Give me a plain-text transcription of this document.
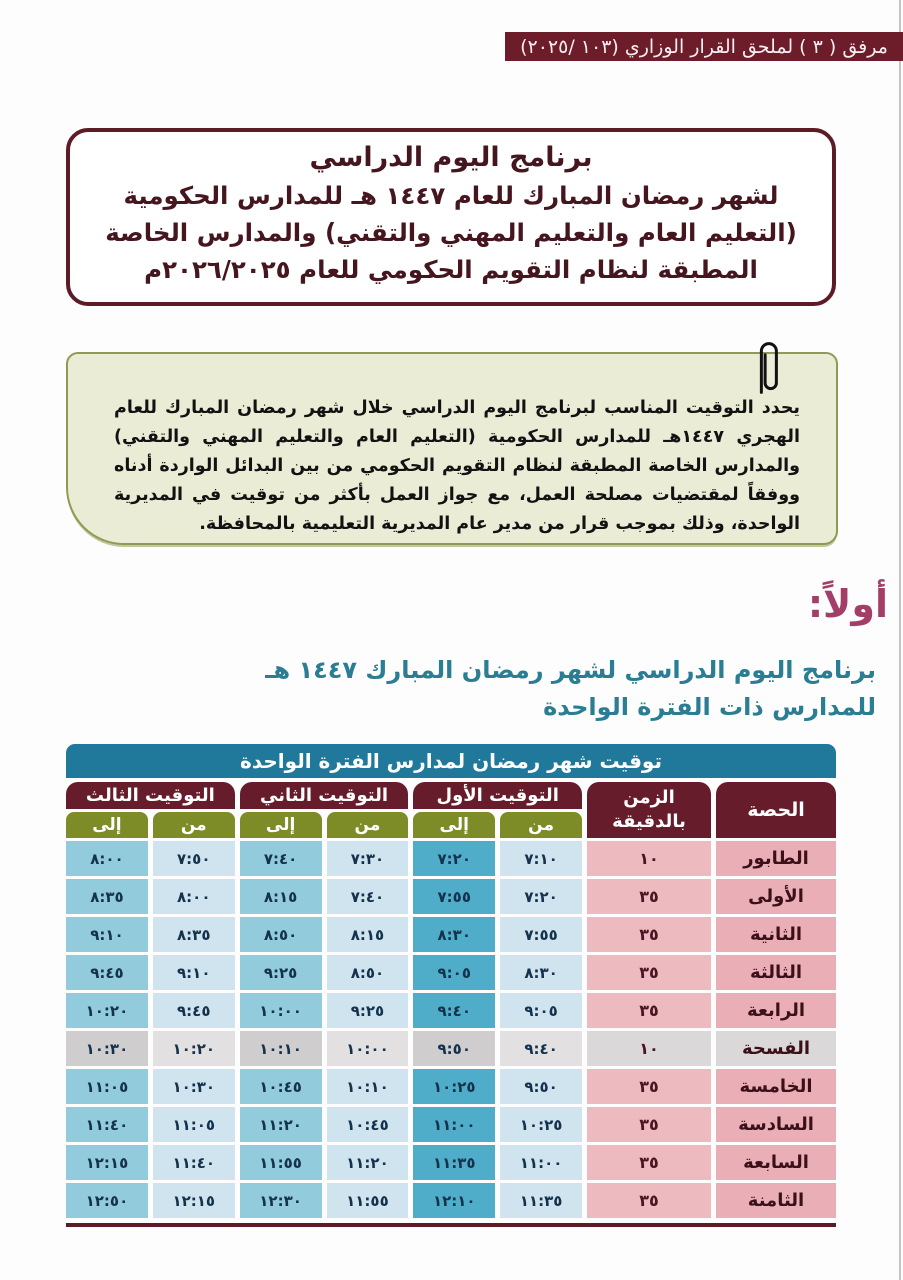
مرفق ( ٣ ) لملحق القرار الوزاري (١٠٣ /٢٠٢٥)
برنامج اليوم الدراسي
لشهر رمضان المبارك للعام ١٤٤٧ هـ للمدارس الحكومية (التعليم العام والتعليم المهني والتقني) والمدارس الخاصة المطبقة لنظام التقويم الحكومي للعام ٢٠٢٦/٢٠٢٥م
يحدد التوقيت المناسب لبرنامج اليوم الدراسي خلال شهر رمضان المبارك للعام الهجري ١٤٤٧هـ للمدارس الحكومية (التعليم العام والتعليم المهني والتقني) والمدارس الخاصة المطبقة لنظام التقويم الحكومي من بين البدائل الواردة أدناه ووفقاً لمقتضيات مصلحة العمل، مع جواز العمل بأكثر من توقيت في المديرية الواحدة، وذلك بموجب قرار من مدير عام المديرية التعليمية بالمحافظة.
أولاً:
برنامج اليوم الدراسي لشهر رمضان المبارك ١٤٤٧ هـ
للمدارس ذات الفترة الواحدة
توقيت شهر رمضان لمدارس الفترة الواحدة
الحصة
الزمن
بالدقيقة
التوقيت الأول
التوقيت الثاني
التوقيت الثالث
من
إلى
من
إلى
من
إلى
الطابور
١٠
٧:١٠
٧:٢٠
٧:٣٠
٧:٤٠
٧:٥٠
٨:٠٠
الأولى
٣٥
٧:٢٠
٧:٥٥
٧:٤٠
٨:١٥
٨:٠٠
٨:٣٥
الثانية
٣٥
٧:٥٥
٨:٣٠
٨:١٥
٨:٥٠
٨:٣٥
٩:١٠
الثالثة
٣٥
٨:٣٠
٩:٠٥
٨:٥٠
٩:٢٥
٩:١٠
٩:٤٥
الرابعة
٣٥
٩:٠٥
٩:٤٠
٩:٢٥
١٠:٠٠
٩:٤٥
١٠:٢٠
الفسحة
١٠
٩:٤٠
٩:٥٠
١٠:٠٠
١٠:١٠
١٠:٢٠
١٠:٣٠
الخامسة
٣٥
٩:٥٠
١٠:٢٥
١٠:١٠
١٠:٤٥
١٠:٣٠
١١:٠٥
السادسة
٣٥
١٠:٢٥
١١:٠٠
١٠:٤٥
١١:٢٠
١١:٠٥
١١:٤٠
السابعة
٣٥
١١:٠٠
١١:٣٥
١١:٢٠
١١:٥٥
١١:٤٠
١٢:١٥
الثامنة
٣٥
١١:٣٥
١٢:١٠
١١:٥٥
١٢:٣٠
١٢:١٥
١٢:٥٠
